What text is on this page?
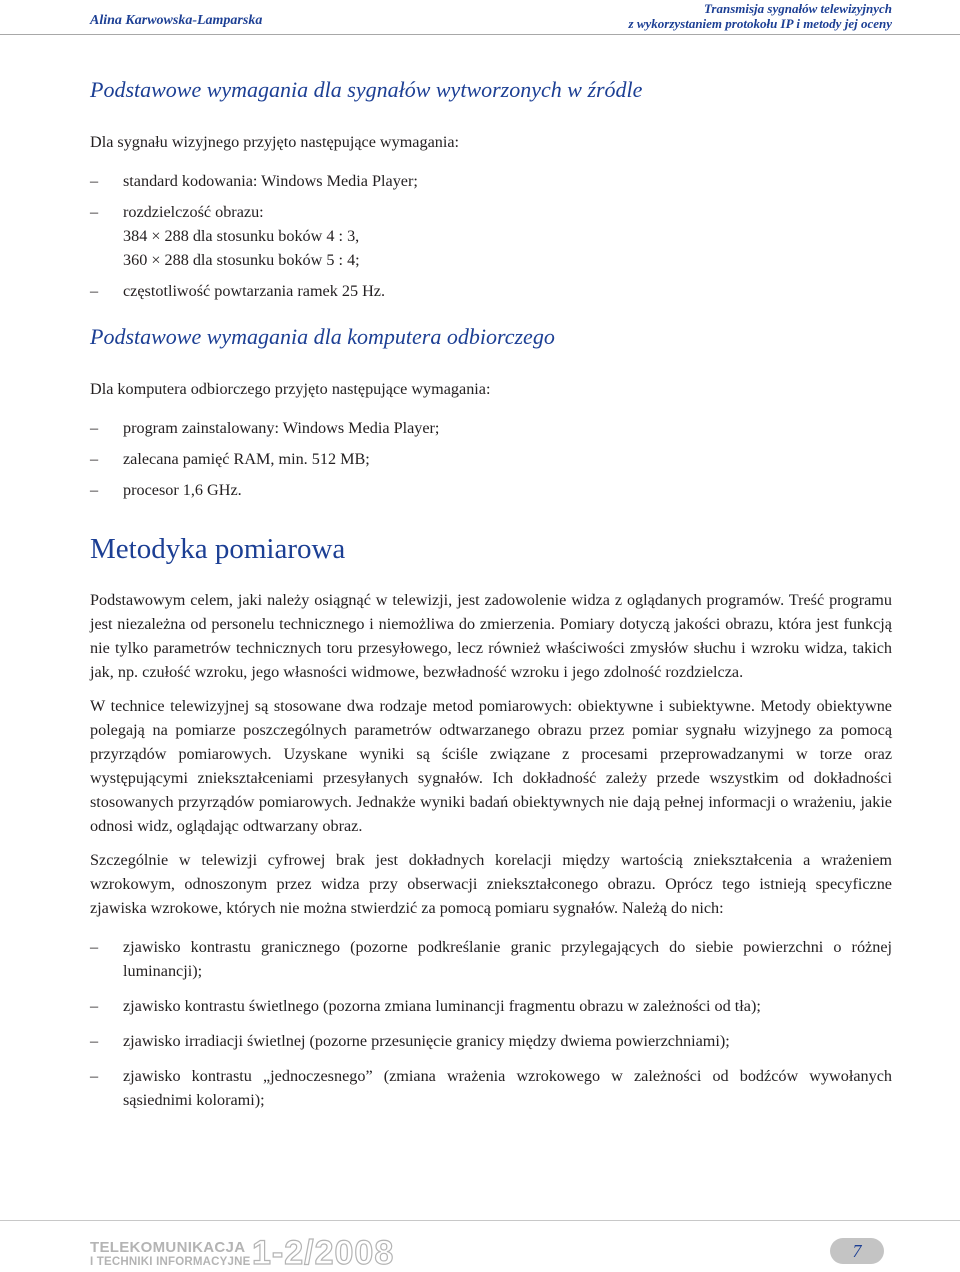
Alina Karwowska-Lamparska
Transmisja sygnałów telewizyjnych
z wykorzystaniem protokołu IP i metody jej oceny
Podstawowe wymagania dla sygnałów wytworzonych w źródle

Dla sygnału wizyjnego przyjęto następujące wymagania:

– standard kodowania: Windows Media Player;
– rozdzielczość obrazu:
384 × 288 dla stosunku boków 4 : 3,
360 × 288 dla stosunku boków 5 : 4;
– częstotliwość powtarzania ramek 25 Hz.
Podstawowe wymagania dla komputera odbiorczego

Dla komputera odbiorczego przyjęto następujące wymagania:

– program zainstalowany: Windows Media Player;
– zalecana pamięć RAM, min. 512 MB;
– procesor 1,6 GHz.
Metodyka pomiarowa

Podstawowym celem, jaki należy osiągnąć w telewizji, jest zadowolenie widza z oglądanych programów. Treść programu jest niezależna od personelu technicznego i niemożliwa do zmierzenia. Pomiary dotyczą jakości obrazu, która jest funkcją nie tylko parametrów technicznych toru przesyłowego, lecz również właściwości zmysłów słuchu i wzroku widza, takich jak, np. czułość wzroku, jego własności widmowe, bezwładność wzroku i jego zdolność rozdzielcza.

W technice telewizyjnej są stosowane dwa rodzaje metod pomiarowych: obiektywne i subiektywne. Metody obiektywne polegają na pomiarze poszczególnych parametrów odtwarzanego obrazu przez pomiar sygnału wizyjnego za pomocą przyrządów pomiarowych. Uzyskane wyniki są ściśle związane z procesami przeprowadzanymi w torze oraz występującymi zniekształceniami przesyłanych sygnałów. Ich dokładność zależy przede wszystkim od dokładności stosowanych przyrządów pomiarowych. Jednakże wyniki badań obiektywnych nie dają pełnej informacji o wrażeniu, jakie odnosi widz, oglądając odtwarzany obraz.

Szczególnie w telewizji cyfrowej brak jest dokładnych korelacji między wartością zniekształcenia a wrażeniem wzrokowym, odnoszonym przez widza przy obserwacji zniekształconego obrazu. Oprócz tego istnieją specyficzne zjawiska wzrokowe, których nie można stwierdzić za pomocą pomiaru sygnałów. Należą do nich:

– zjawisko kontrastu granicznego (pozorne podkreślanie granic przylegających do siebie powierzchni o różnej luminancji);
– zjawisko kontrastu świetlnego (pozorna zmiana luminancji fragmentu obrazu w zależności od tła);
– zjawisko irradiacji świetlnej (pozorne przesunięcie granicy między dwiema powierzchniami);
– zjawisko kontrastu „jednoczesnego” (zmiana wrażenia wzrokowego w zależności od bodźców wywołanych sąsiednimi kolorami);
TELEKOMUNIKACJA
I TECHNIKI INFORMACYJNE 1-2/2008	7
